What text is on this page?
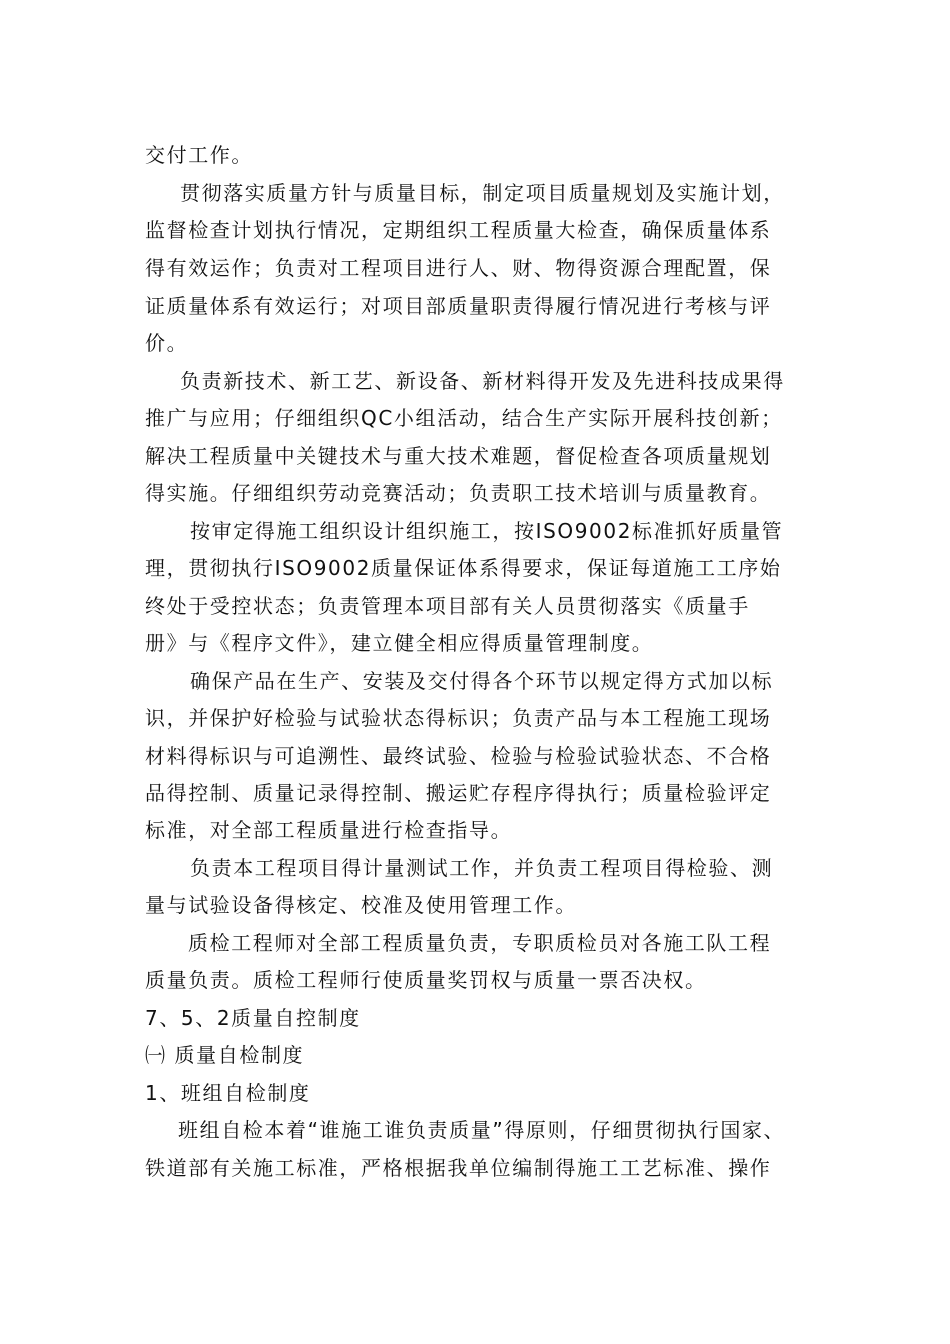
交付工作。
贯彻落实质量方针与质量目标，制定项目质量规划及实施计划，
监督检查计划执行情况，定期组织工程质量大检查，确保质量体系
得有效运作；负责对工程项目进行人、财、物得资源合理配置，保
证质量体系有效运行；对项目部质量职责得履行情况进行考核与评
价。
负责新技术、新工艺、新设备、新材料得开发及先进科技成果得
推广与应用；仔细组织QC小组活动，结合生产实际开展科技创新；
解决工程质量中关键技术与重大技术难题，督促检查各项质量规划
得实施。仔细组织劳动竞赛活动；负责职工技术培训与质量教育。
按审定得施工组织设计组织施工，按ISO9002标准抓好质量管
理，贯彻执行ISO9002质量保证体系得要求，保证每道施工工序始
终处于受控状态；负责管理本项目部有关人员贯彻落实《质量手
册》与《程序文件》，建立健全相应得质量管理制度。
确保产品在生产、安装及交付得各个环节以规定得方式加以标
识，并保护好检验与试验状态得标识；负责产品与本工程施工现场
材料得标识与可追溯性、最终试验、检验与检验试验状态、不合格
品得控制、质量记录得控制、搬运贮存程序得执行；质量检验评定
标准，对全部工程质量进行检查指导。
负责本工程项目得计量测试工作，并负责工程项目得检验、测
量与试验设备得核定、校准及使用管理工作。
质检工程师对全部工程质量负责，专职质检员对各施工队工程
质量负责。质检工程师行使质量奖罚权与质量一票否决权。
7、5、2质量自控制度
㈠ 质量自检制度
1、班组自检制度
班组自检本着“谁施工谁负责质量”得原则，仔细贯彻执行国家、
铁道部有关施工标准，严格根据我单位编制得施工工艺标准、操作
